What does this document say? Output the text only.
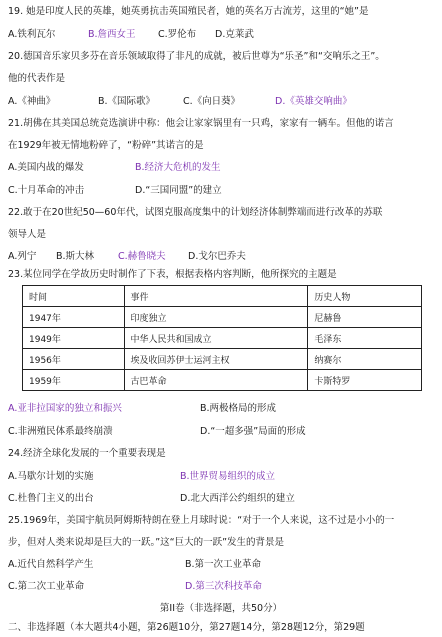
19. 她是印度人民的英雄，她英勇抗击英国殖民者，她的英名万古流芳，这里的“她”是
A.铁利瓦尔	B.詹西女王 C.罗伦布 D.克莱武
20.德国音乐家贝多芬在音乐领域取得了非凡的成就，被后世尊为“乐圣”和“交响乐之王”。
他的代表作是
A.《神曲》	B.《国际歌》	C.《向日葵》	D.《英雄交响曲》
21.胡佛在其美国总统竞选演讲中称：他会让家家锅里有一只鸡，家家有一辆车。但他的诺言
在1929年被无情地粉碎了，“粉碎”其诺言的是
A.美国内战的爆发	B.经济大危机的发生
C.十月革命的冲击	D.“三国同盟”的建立
22.敢于在20世纪50—60年代，试图克服高度集中的计划经济体制弊端而进行改革的苏联
领导人是
A.列宁 B.斯大林	C.赫鲁晓夫 D.戈尔巴乔夫
23.某位同学在学故历史时制作了下表，根据表格内容判断，他所探究的主题是
时间	事件	历史人物
1947年	印度独立	尼赫鲁
1949年	中华人民共和国成立	毛泽东
1956年	埃及收回苏伊士运河主权	纳赛尔
1959年	古巴革命	卡斯特罗
A.亚非拉国家的独立和振兴	B.两极格局的形成
C.非洲殖民体系最终崩溃	D.“一超多强”局面的形成
24.经济全球化发展的一个重要表现是
A.马歇尔计划的实施	B.世界贸易组织的成立
C.杜鲁门主义的出台	D.北大西洋公约组织的建立
25.1969年，美国宇航员阿姆斯特朗在登上月球时说：“对于一个人来说，这不过是小小的一
步，但对人类来说却是巨大的一跃。”这“巨大的一跃”发生的背景是
A.近代自然科学产生	B.第一次工业革命
C.第二次工业革命	D.第三次科技革命
第II卷（非选择题，共50分）
二、非选择题（本大题共4小题，第26题10分，第27题14分，第28题12分，第29题
